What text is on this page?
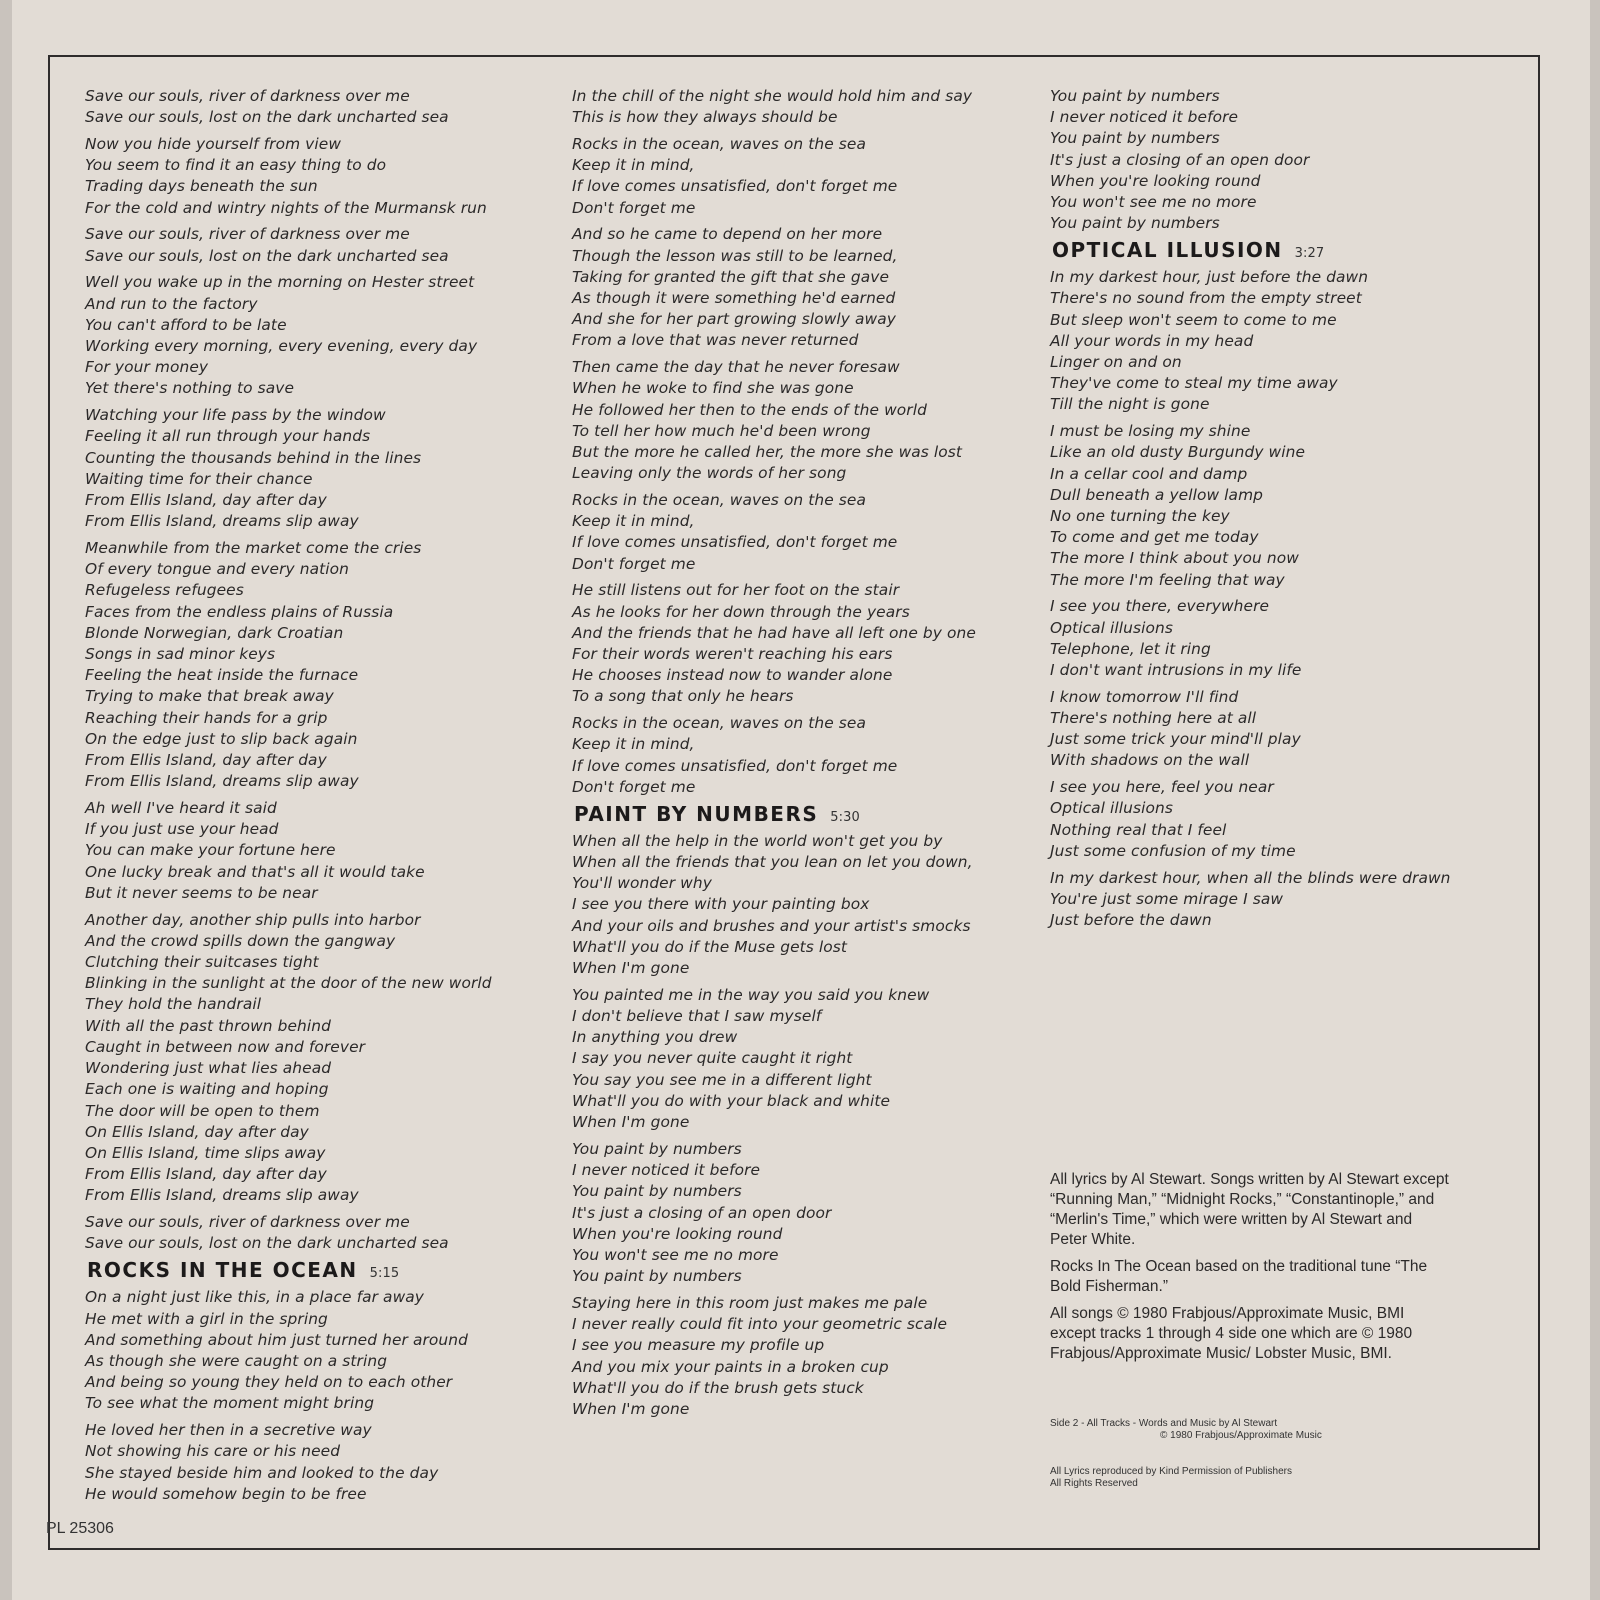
Save our souls, river of darkness over me
Save our souls, lost on the dark uncharted sea
Now you hide yourself from view
You seem to find it an easy thing to do
Trading days beneath the sun
For the cold and wintry nights of the Murmansk run
Save our souls, river of darkness over me
Save our souls, lost on the dark uncharted sea
Well you wake up in the morning on Hester street
And run to the factory
You can't afford to be late
Working every morning, every evening, every day
For your money
Yet there's nothing to save
Watching your life pass by the window
Feeling it all run through your hands
Counting the thousands behind in the lines
Waiting time for their chance
From Ellis Island, day after day
From Ellis Island, dreams slip away
Meanwhile from the market come the cries
Of every tongue and every nation
Refugeless refugees
Faces from the endless plains of Russia
Blonde Norwegian, dark Croatian
Songs in sad minor keys
Feeling the heat inside the furnace
Trying to make that break away
Reaching their hands for a grip
On the edge just to slip back again
From Ellis Island, day after day
From Ellis Island, dreams slip away
Ah well I've heard it said
If you just use your head
You can make your fortune here
One lucky break and that's all it would take
But it never seems to be near
Another day, another ship pulls into harbor
And the crowd spills down the gangway
Clutching their suitcases tight
Blinking in the sunlight at the door of the new world
They hold the handrail
With all the past thrown behind
Caught in between now and forever
Wondering just what lies ahead
Each one is waiting and hoping
The door will be open to them
On Ellis Island, day after day
On Ellis Island, time slips away
From Ellis Island, day after day
From Ellis Island, dreams slip away
Save our souls, river of darkness over me
Save our souls, lost on the dark uncharted sea
ROCKS IN THE OCEAN 5:15
On a night just like this, in a place far away
He met with a girl in the spring
And something about him just turned her around
As though she were caught on a string
And being so young they held on to each other
To see what the moment might bring
He loved her then in a secretive way
Not showing his care or his need
She stayed beside him and looked to the day
He would somehow begin to be free
In the chill of the night she would hold him and say
This is how they always should be
Rocks in the ocean, waves on the sea
Keep it in mind,
If love comes unsatisfied, don't forget me
Don't forget me
And so he came to depend on her more
Though the lesson was still to be learned,
Taking for granted the gift that she gave
As though it were something he'd earned
And she for her part growing slowly away
From a love that was never returned
Then came the day that he never foresaw
When he woke to find she was gone
He followed her then to the ends of the world
To tell her how much he'd been wrong
But the more he called her, the more she was lost
Leaving only the words of her song
Rocks in the ocean, waves on the sea
Keep it in mind,
If love comes unsatisfied, don't forget me
Don't forget me
He still listens out for her foot on the stair
As he looks for her down through the years
And the friends that he had have all left one by one
For their words weren't reaching his ears
He chooses instead now to wander alone
To a song that only he hears
Rocks in the ocean, waves on the sea
Keep it in mind,
If love comes unsatisfied, don't forget me
Don't forget me
PAINT BY NUMBERS 5:30
When all the help in the world won't get you by
When all the friends that you lean on let you down,
You'll wonder why
I see you there with your painting box
And your oils and brushes and your artist's smocks
What'll you do if the Muse gets lost
When I'm gone
You painted me in the way you said you knew
I don't believe that I saw myself
In anything you drew
I say you never quite caught it right
You say you see me in a different light
What'll you do with your black and white
When I'm gone
You paint by numbers
I never noticed it before
You paint by numbers
It's just a closing of an open door
When you're looking round
You won't see me no more
You paint by numbers
Staying here in this room just makes me pale
I never really could fit into your geometric scale
I see you measure my profile up
And you mix your paints in a broken cup
What'll you do if the brush gets stuck
When I'm gone
You paint by numbers
I never noticed it before
You paint by numbers
It's just a closing of an open door
When you're looking round
You won't see me no more
You paint by numbers
OPTICAL ILLUSION 3:27
In my darkest hour, just before the dawn
There's no sound from the empty street
But sleep won't seem to come to me
All your words in my head
Linger on and on
They've come to steal my time away
Till the night is gone
I must be losing my shine
Like an old dusty Burgundy wine
In a cellar cool and damp
Dull beneath a yellow lamp
No one turning the key
To come and get me today
The more I think about you now
The more I'm feeling that way
I see you there, everywhere
Optical illusions
Telephone, let it ring
I don't want intrusions in my life
I know tomorrow I'll find
There's nothing here at all
Just some trick your mind'll play
With shadows on the wall
I see you here, feel you near
Optical illusions
Nothing real that I feel
Just some confusion of my time
In my darkest hour, when all the blinds were drawn
You're just some mirage I saw
Just before the dawn

All lyrics by Al Stewart. Songs written by Al Stewart except “Running Man,” “Midnight Rocks,” “Constantinople,” and “Merlin's Time,” which were written by Al Stewart and Peter White.

Rocks In The Ocean based on the traditional tune “The Bold Fisherman.”

All songs © 1980 Frabjous/Approximate Music, BMI except tracks 1 through 4 side one which are © 1980 Frabjous/Approximate Music/ Lobster Music, BMI.

Side 2 - All Tracks - Words and Music by Al Stewart
© 1980 Frabjous/Approximate Music
All Lyrics reproduced by Kind Permission of Publishers
All Rights Reserved
PL 25306
